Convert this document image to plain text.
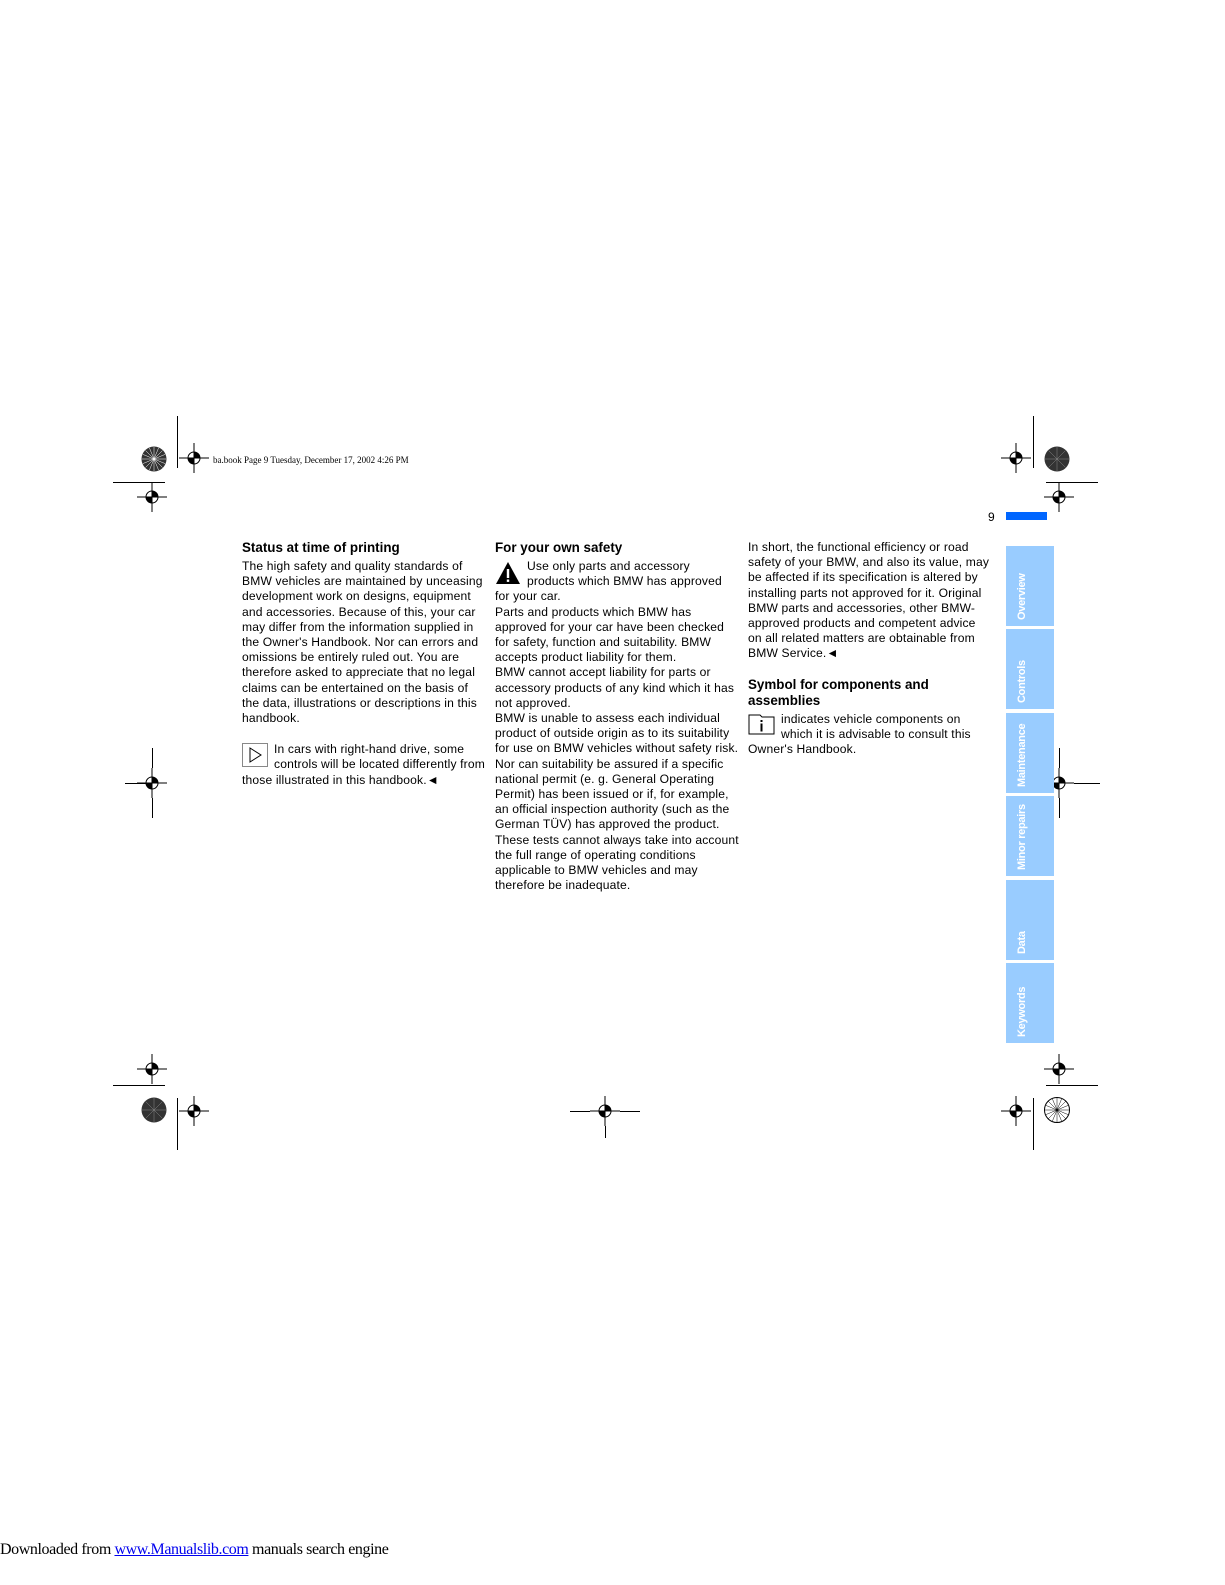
ba.book Page 9 Tuesday, December 17, 2002 4:26 PM
9
Overview
Controls
Maintenance
Minor repairs
Data
Keywords
Status at time of printing

The high safety and quality standards of BMW vehicles are maintained by unceasing development work on designs, equipment and accessories. Because of this, your car may differ from the information supplied in the Owner's Handbook. Nor can errors and omissions be entirely ruled out. You are therefore asked to appreciate that no legal claims can be entertained on the basis of the data, illustrations or descriptions in this handbook.

In cars with right-hand drive, some controls will be located differently from those illustrated in this handbook.◄

For your own safety

Use only parts and accessory products which BMW has approved for your car.

Parts and products which BMW has approved for your car have been checked for safety, function and suitability. BMW accepts product liability for them.

BMW cannot accept liability for parts or accessory products of any kind which it has not approved.

BMW is unable to assess each individual product of outside origin as to its suitability for use on BMW vehicles without safety risk. Nor can suitability be assured if a specific national permit (e. g. General Operating Permit) has been issued or if, for example, an official inspection authority (such as the German TÜV) has approved the product. These tests cannot always take into account the full range of operating conditions applicable to BMW vehicles and may therefore be inadequate.

In short, the functional efficiency or road safety of your BMW, and also its value, may be affected if its specification is altered by installing parts not approved for it. Original BMW parts and accessories, other BMW-approved products and competent advice on all related matters are obtainable from BMW Service.◄

Symbol for components and assemblies

indicates vehicle components on which it is advisable to consult this Owner's Handbook.

Downloaded from www.Manualslib.com manuals search engine
